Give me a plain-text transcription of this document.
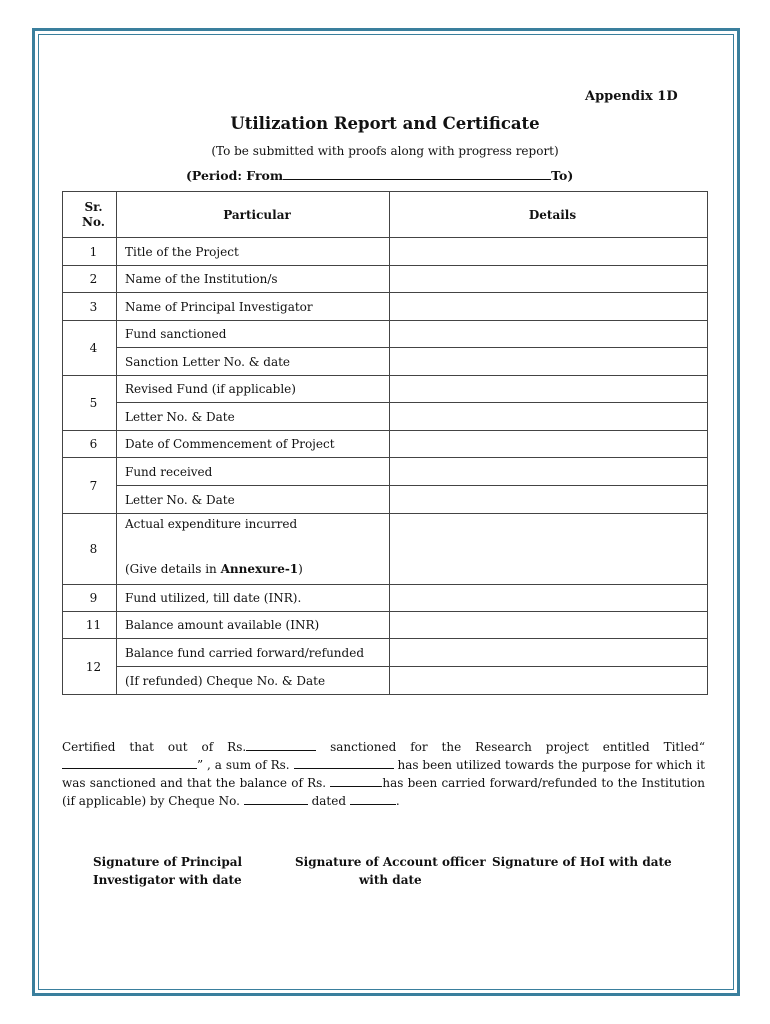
Appendix 1D
Utilization Report and Certificate
(To be submitted with proofs along with progress report)
(Period: From	To)
Sr. No.	Particular	Details
1	Title of the Project	
2	Name of the Institution/s	
3	Name of Principal Investigator	
4	Fund sanctioned	
	Sanction Letter No. & date	
5	Revised Fund (if applicable)	
	Letter No. & Date	
6	Date of Commencement of Project	
7	Fund received	
	Letter No. & Date	
8	Actual expenditure incurred
(Give details in Annexure-1)	

9	Fund utilized, till date (INR).	
11	Balance amount available (INR)	
12	Balance fund carried forward/refunded	
	(If refunded) Cheque No. & Date	

Certified that out of Rs.	sanctioned for the Research project entitled Titled“ ” , a sum of Rs.	has been utilized towards the purpose for which it was sanctioned and that the balance of Rs.	has been carried forward/refunded to the Institution (if applicable) by Cheque No.	dated	.

Signature of Principal
Investigator with date
Signature of Account officer
with date
Signature of HoI with date
